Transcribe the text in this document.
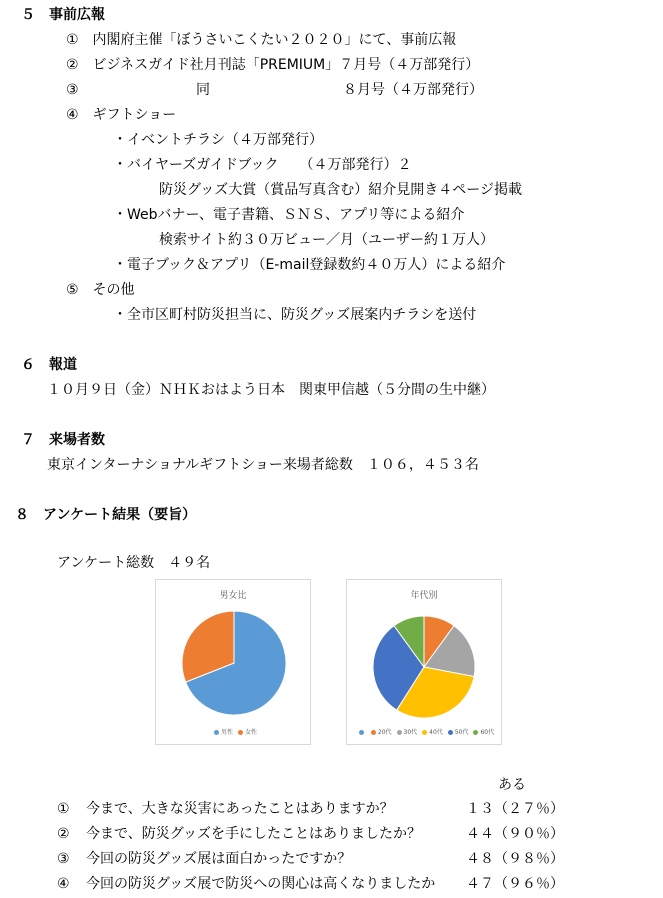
５　事前広報
①　内閣府主催「ぼうさいこくたい２０２０」にて、事前広報
②　ビジネスガイド社月刊誌「PREMIUM」７月号（４万部発行）
③	同	８月号（４万部発行）
④　ギフトショー
・イベントチラシ（４万部発行）
・バイヤーズガイドブック　　（４万部発行）２
防災グッズ大賞（賞品写真含む）紹介見開き４ページ掲載
・Webバナー、電子書籍、ＳＮＳ、アプリ等による紹介
検索サイト約３０万ビュー／月（ユーザー約１万人）
・電子ブック＆アプリ（E-mail登録数約４０万人）による紹介
⑤　その他
・全市区町村防災担当に、防災グッズ展案内チラシを送付
６　報道
１０月９日（金）ＮＨＫおはよう日本　関東甲信越（５分間の生中継）
７　来場者数
東京インターナショナルギフトショー来場者総数　１０６，４５３名
８　アンケート結果（要旨）
アンケート総数　４９名
男女比
男性 女性
年代別
20代 30代 40代 50代 60代
ある
① 今まで、大きな災害にあったことはありますか？	１３（２７％）
② 今まで、防災グッズを手にしたことはありましたか？	４４（９０％）
③ 今回の防災グッズ展は面白かったですか？	４８（９８％）
④ 今回の防災グッズ展で防災への関心は高くなりましたか ４７（９６％）
